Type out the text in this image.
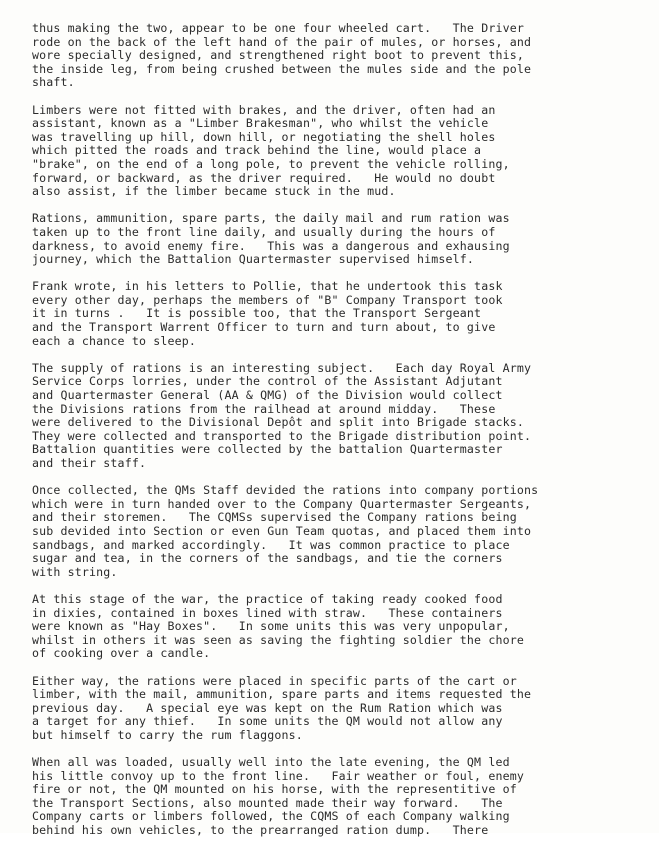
thus making the two, appear to be one four wheeled cart.   The Driver
rode on the back of the left hand of the pair of mules, or horses, and
wore specially designed, and strengthened right boot to prevent this,
the inside leg, from being crushed between the mules side and the pole
shaft.

Limbers were not fitted with brakes, and the driver, often had an
assistant, known as a "Limber Brakesman", who whilst the vehicle
was travelling up hill, down hill, or negotiating the shell holes
which pitted the roads and track behind the line, would place a
"brake", on the end of a long pole, to prevent the vehicle rolling,
forward, or backward, as the driver required.   He would no doubt
also assist, if the limber became stuck in the mud.

Rations, ammunition, spare parts, the daily mail and rum ration was
taken up to the front line daily, and usually during the hours of
darkness, to avoid enemy fire.   This was a dangerous and exhausing
journey, which the Battalion Quartermaster supervised himself.

Frank wrote, in his letters to Pollie, that he undertook this task
every other day, perhaps the members of "B" Company Transport took
it in turns .   It is possible too, that the Transport Sergeant
and the Transport Warrent Officer to turn and turn about, to give
each a chance to sleep.

The supply of rations is an interesting subject.   Each day Royal Army
Service Corps lorries, under the control of the Assistant Adjutant
and Quartermaster General (AA & QMG) of the Division would collect
the Divisions rations from the railhead at around midday.   These
were delivered to the Divisional Depôt and split into Brigade stacks.
They were collected and transported to the Brigade distribution point.
Battalion quantities were collected by the battalion Quartermaster
and their staff.

Once collected, the QMs Staff devided the rations into company portions
which were in turn handed over to the Company Quartermaster Sergeants,
and their storemen.   The CQMSs supervised the Company rations being
sub devided into Section or even Gun Team quotas, and placed them into
sandbags, and marked accordingly.   It was common practice to place
sugar and tea, in the corners of the sandbags, and tie the corners
with string.

At this stage of the war, the practice of taking ready cooked food
in dixies, contained in boxes lined with straw.   These containers
were known as "Hay Boxes".   In some units this was very unpopular,
whilst in others it was seen as saving the fighting soldier the chore
of cooking over a candle.

Either way, the rations were placed in specific parts of the cart or
limber, with the mail, ammunition, spare parts and items requested the
previous day.   A special eye was kept on the Rum Ration which was
a target for any thief.   In some units the QM would not allow any
but himself to carry the rum flaggons.

When all was loaded, usually well into the late evening, the QM led
his little convoy up to the front line.   Fair weather or foul, enemy
fire or not, the QM mounted on his horse, with the representitive of
the Transport Sections, also mounted made their way forward.   The
Company carts or limbers followed, the CQMS of each Company walking
behind his own vehicles, to the prearranged ration dump.   There
